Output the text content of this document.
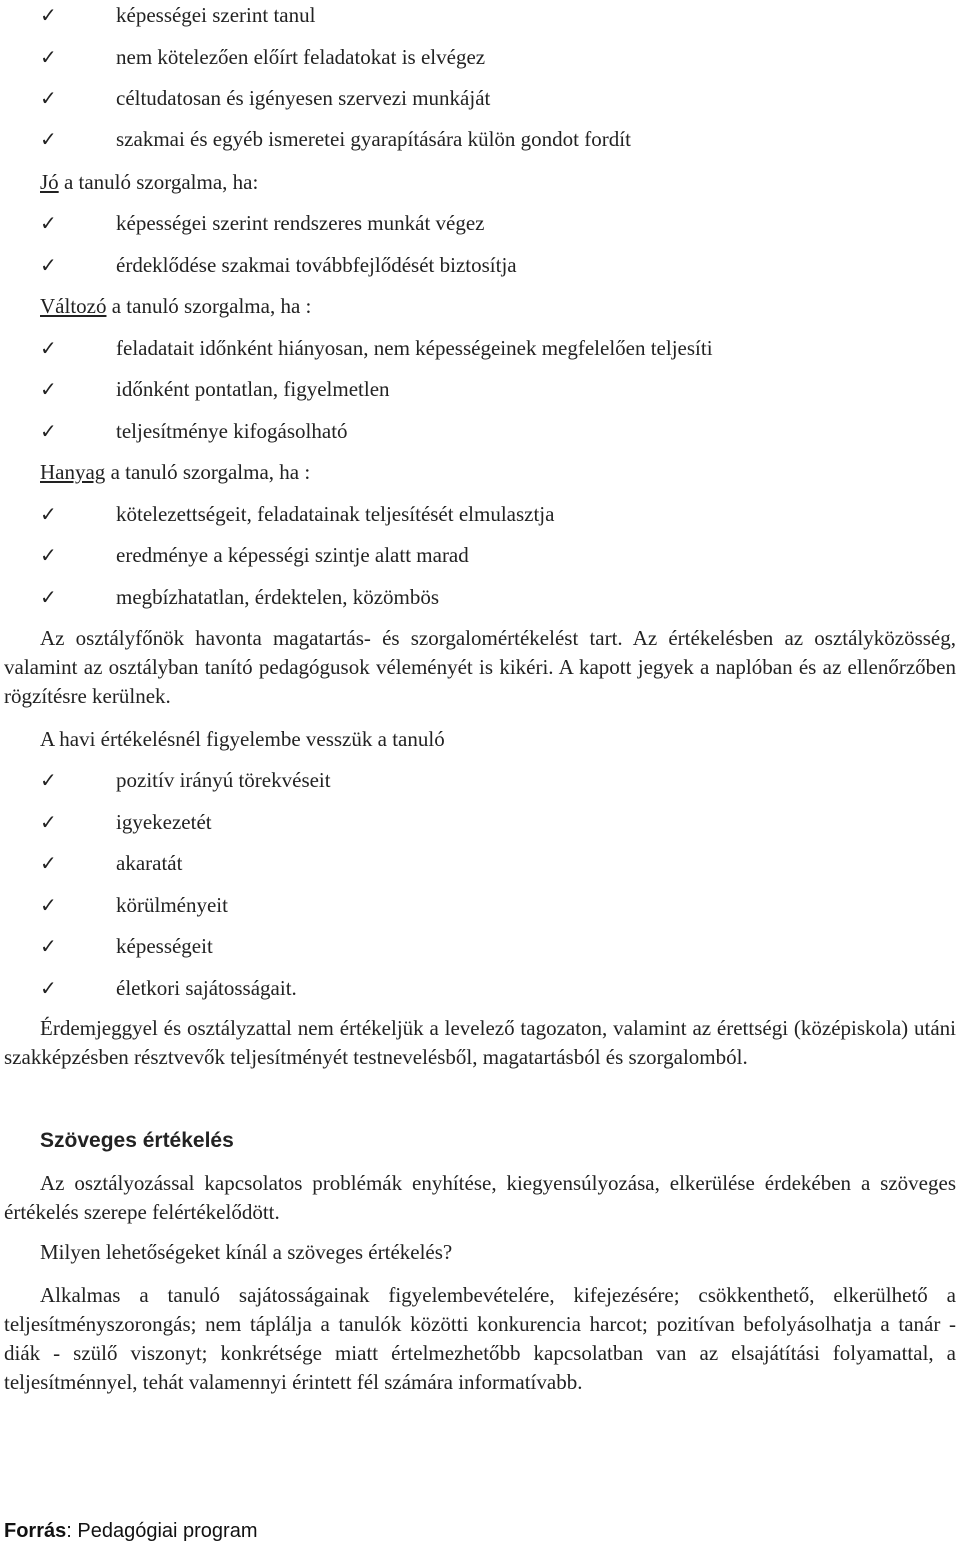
✓	képességei szerint tanul
✓	nem kötelezően előírt feladatokat is elvégez
✓	céltudatosan és igényesen szervezi munkáját
✓	szakmai és egyéb ismeretei gyarapítására külön gondot fordít
Jó a tanuló szorgalma, ha:
✓	képességei szerint rendszeres munkát végez
✓	érdeklődése szakmai továbbfejlődését biztosítja
Változó a tanuló szorgalma, ha :
✓	feladatait időnként hiányosan, nem képességeinek megfelelően teljesíti
✓	időnként pontatlan, figyelmetlen
✓	teljesítménye kifogásolható
Hanyag a tanuló szorgalma, ha :
✓	kötelezettségeit, feladatainak teljesítését elmulasztja
✓	eredménye a képességi szintje alatt marad
✓	megbízhatatlan, érdektelen, közömbös
Az osztályfőnök havonta magatartás- és szorgalomértékelést tart. Az értékelésben az osztályközösség, valamint az osztályban tanító pedagógusok véleményét is kikéri. A kapott jegyek a naplóban és az ellenőrzőben rögzítésre kerülnek.
A havi értékelésnél figyelembe vesszük a tanuló
✓	pozitív irányú törekvéseit
✓	igyekezetét
✓	akaratát
✓	körülményeit
✓	képességeit
✓	életkori sajátosságait.
Érdemjeggyel és osztályzattal nem értékeljük a levelező tagozaton, valamint az érettségi (középiskola) utáni szakképzésben résztvevők teljesítményét testnevelésből, magatartásból és szorgalomból.
Szöveges értékelés
Az osztályozással kapcsolatos problémák enyhítése, kiegyensúlyozása, elkerülése érdekében a szöveges értékelés szerepe felértékelődött.
Milyen lehetőségeket kínál a szöveges értékelés?
Alkalmas a tanuló sajátosságainak figyelembevételére, kifejezésére; csökkenthető, elkerülhető a teljesítményszorongás; nem táplálja a tanulók közötti konkurencia harcot; pozitívan befolyásolhatja a tanár - diák - szülő viszonyt; konkrétsége miatt értelmezhetőbb kapcsolatban van az elsajátítási folyamattal, a teljesítménnyel, tehát valamennyi érintett fél számára informatívabb.
Forrás: Pedagógiai program
